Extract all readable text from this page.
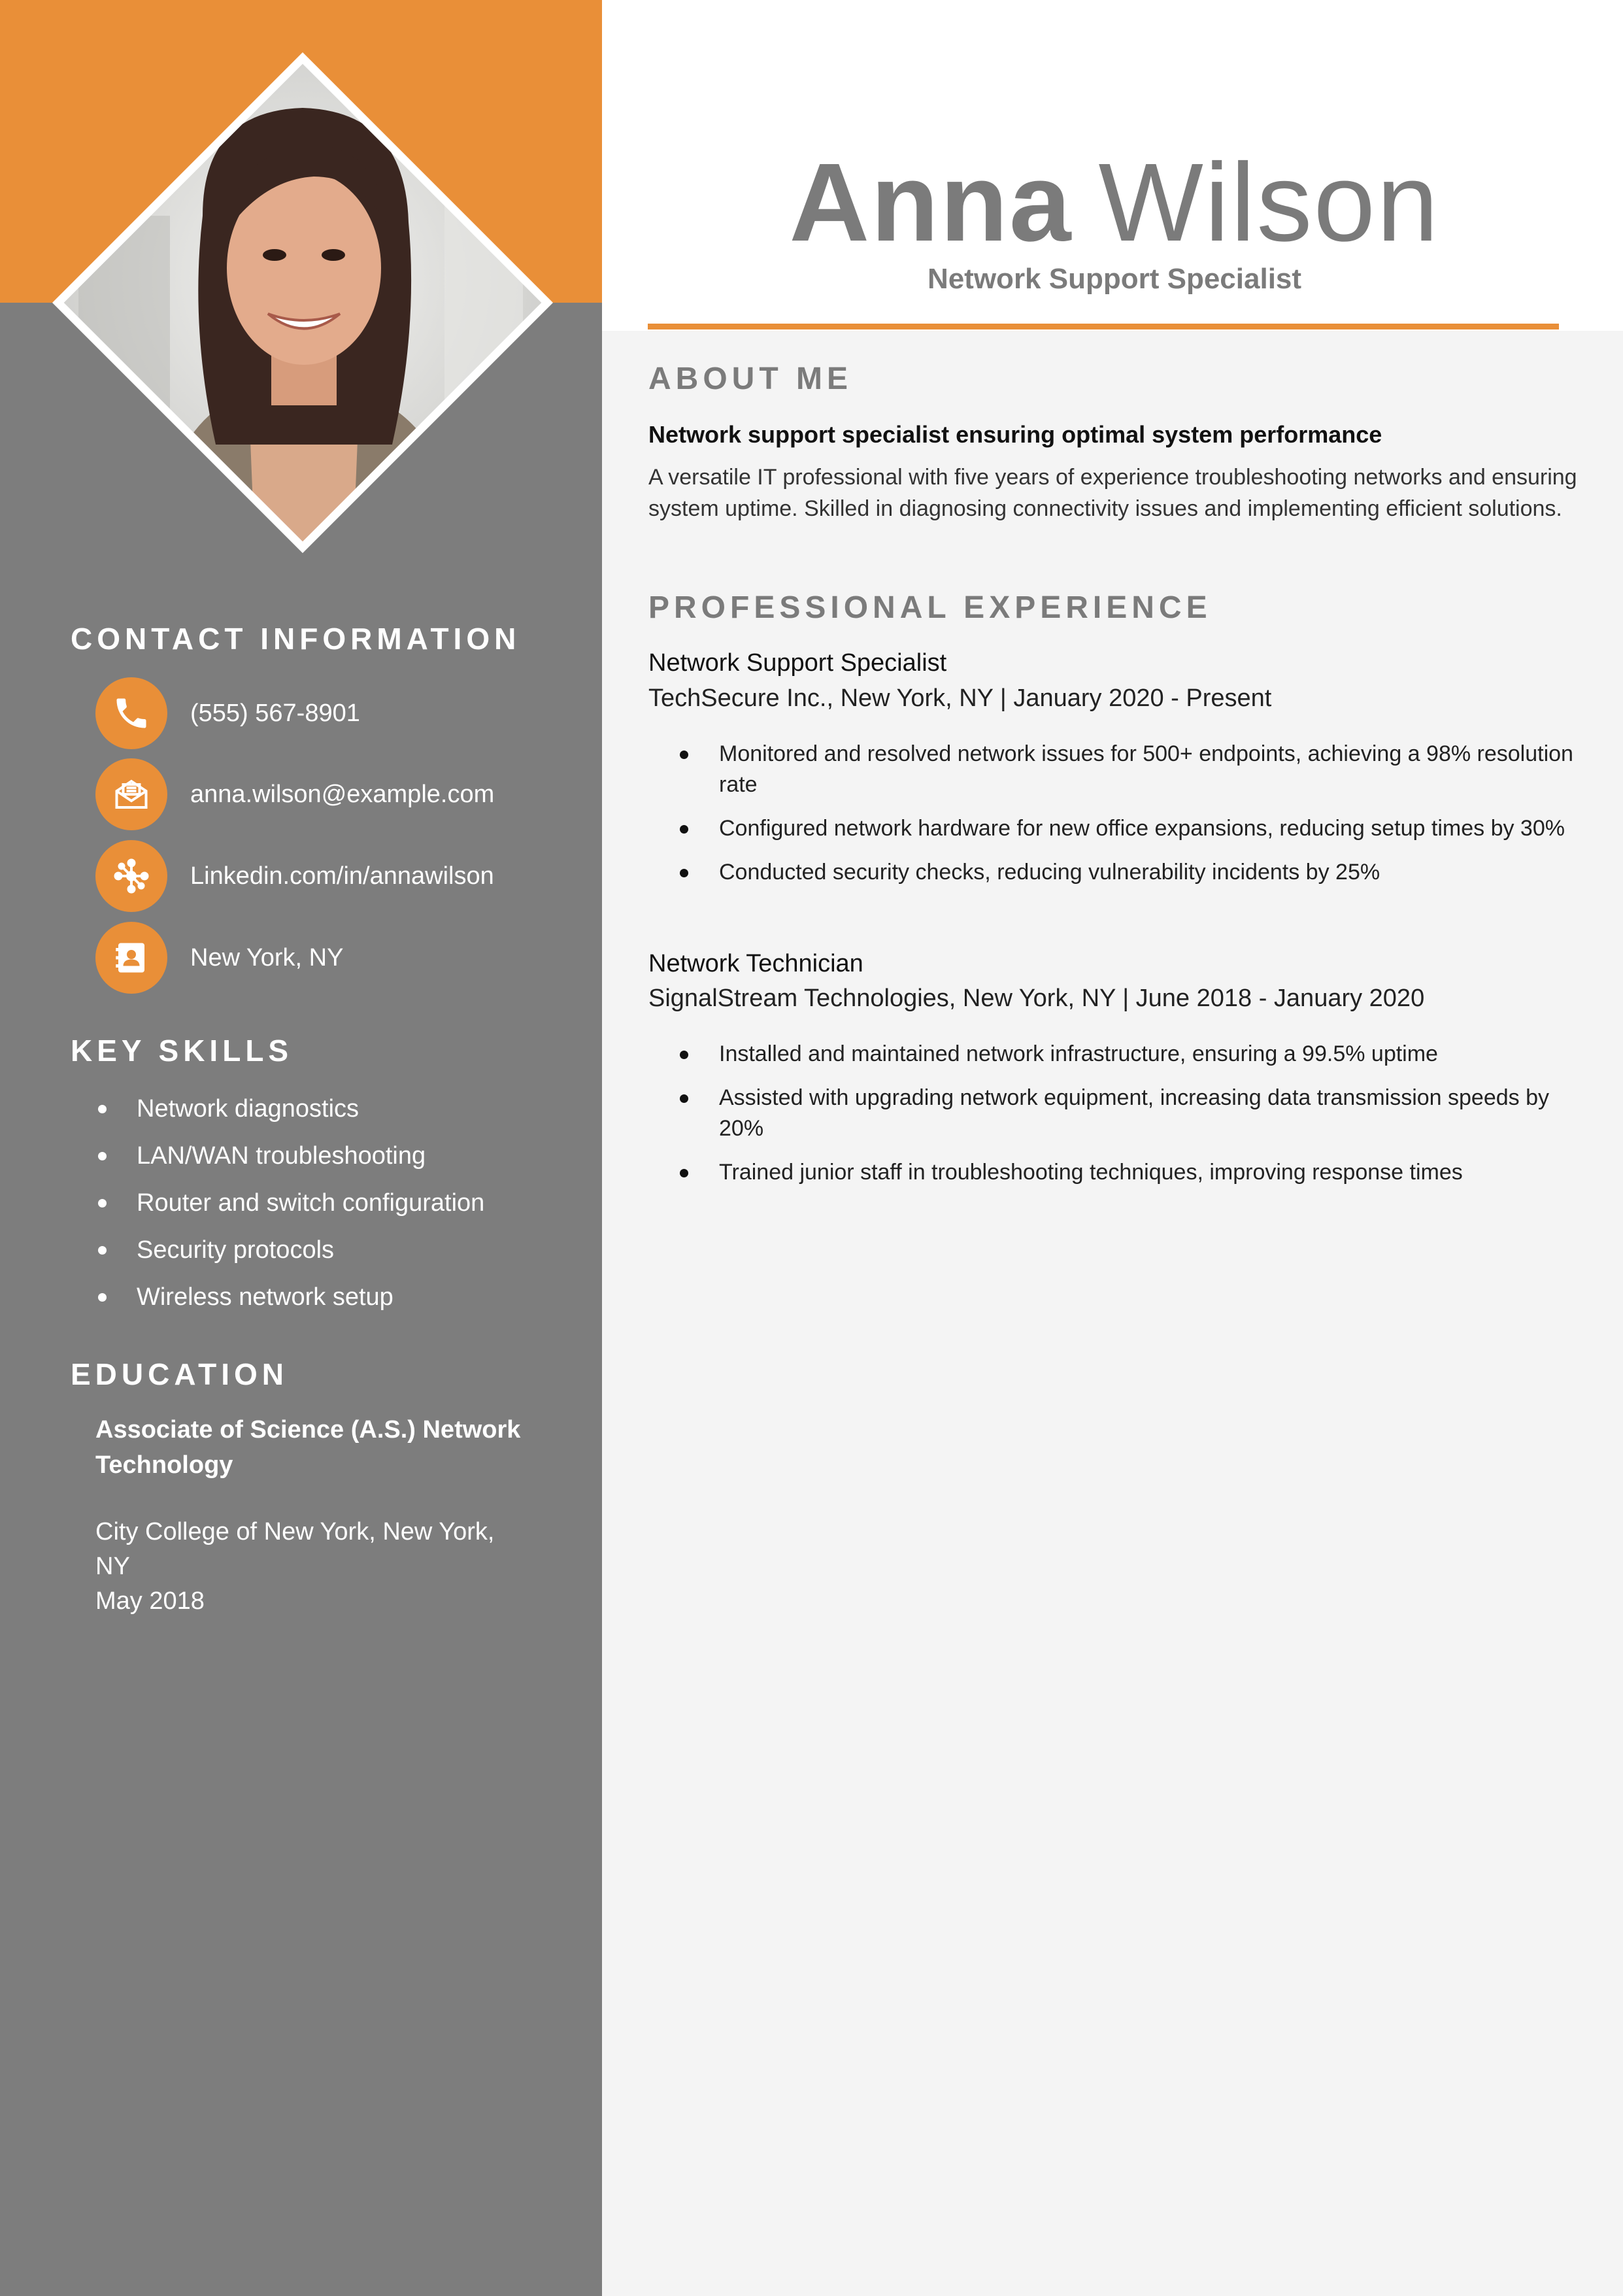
Anna Wilson
Network Support Specialist
ABOUT ME
Network support specialist ensuring optimal system performance
A versatile IT professional with five years of experience troubleshooting networks and ensuring system uptime. Skilled in diagnosing connectivity issues and implementing efficient solutions.
PROFESSIONAL EXPERIENCE
Network Support Specialist
TechSecure Inc., New York, NY | January 2020 - Present
Monitored and resolved network issues for 500+ endpoints, achieving a 98% resolution rate
Configured network hardware for new office expansions, reducing setup times by 30%
Conducted security checks, reducing vulnerability incidents by 25%
Network Technician
SignalStream Technologies, New York, NY | June 2018 - January 2020
Installed and maintained network infrastructure, ensuring a 99.5% uptime
Assisted with upgrading network equipment, increasing data transmission speeds by 20%
Trained junior staff in troubleshooting techniques, improving response times
CONTACT INFORMATION
(555) 567-8901
anna.wilson@example.com
Linkedin.com/in/annawilson
New York, NY
KEY SKILLS
Network diagnostics
LAN/WAN troubleshooting
Router and switch configuration
Security protocols
Wireless network setup
EDUCATION
Associate of Science (A.S.) Network Technology
City College of New York, New York, NY
May 2018
